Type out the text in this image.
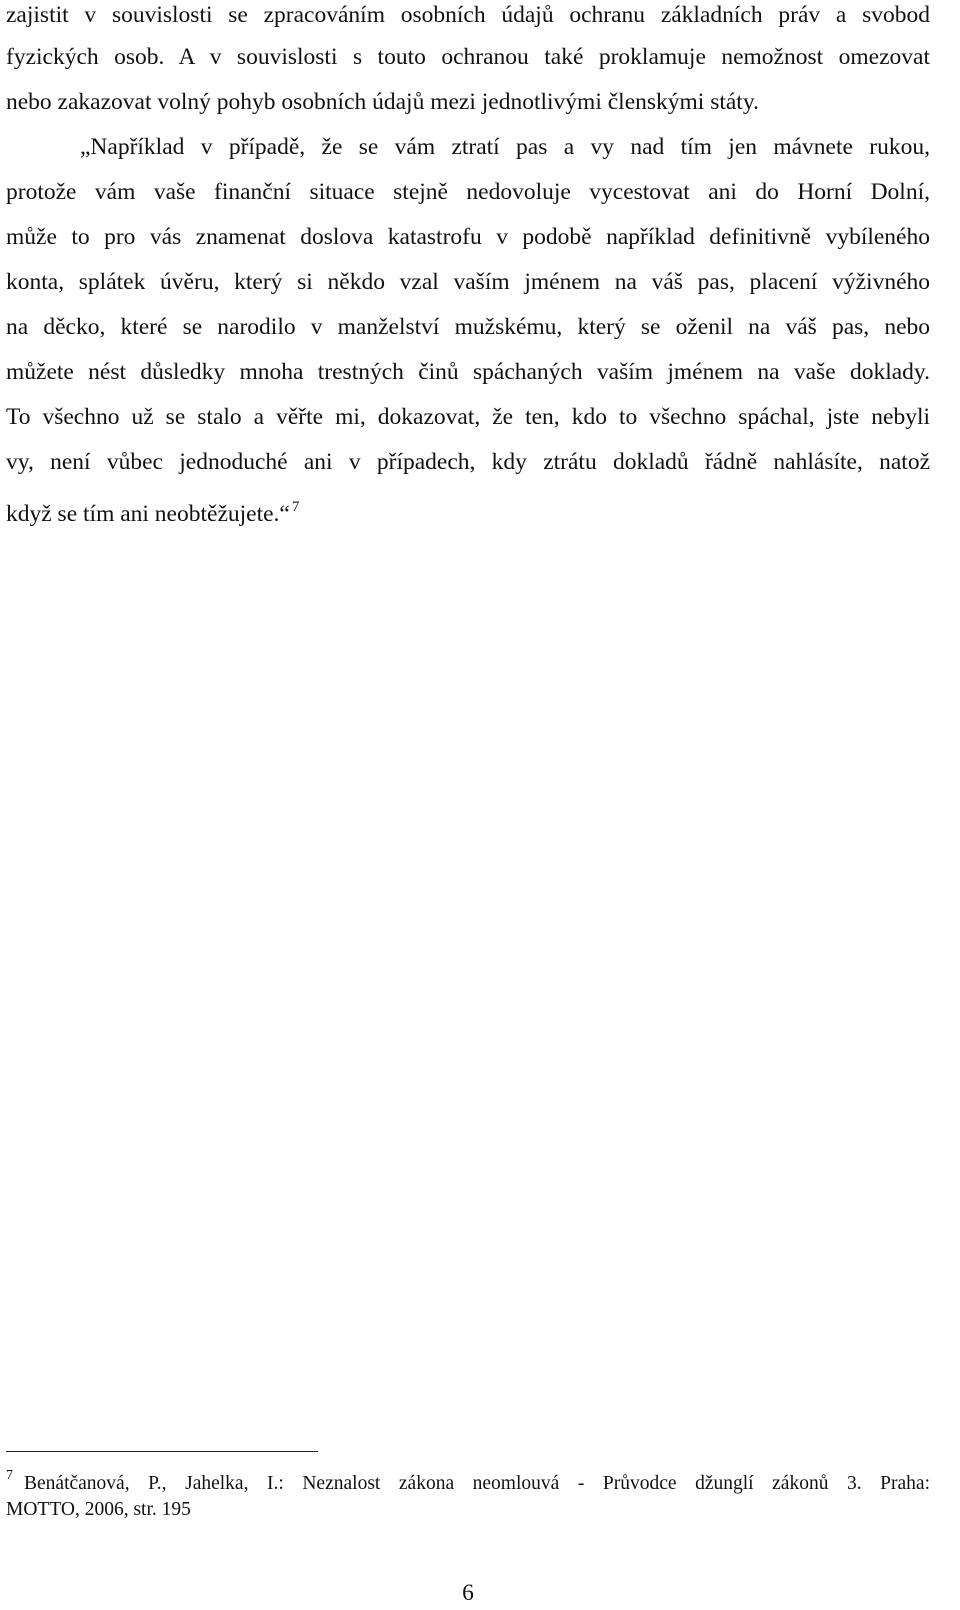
zajistit v souvislosti se zpracováním osobních údajů ochranu základních práv a svobod
fyzických osob. A v souvislosti s touto ochranou také proklamuje nemožnost omezovat
nebo zakazovat volný pohyb osobních údajů mezi jednotlivými členskými státy.
„Například v případě, že se vám ztratí pas a vy nad tím jen mávnete rukou,
protože vám vaše finanční situace stejně nedovoluje vycestovat ani do Horní Dolní,
může to pro vás znamenat doslova katastrofu v podobě například definitivně vybíleného
konta, splátek úvěru, který si někdo vzal vaším jménem na váš pas, placení výživného
na děcko, které se narodilo v manželství mužskému, který se oženil na váš pas, nebo
můžete nést důsledky mnoha trestných činů spáchaných vaším jménem na vaše doklady.
To všechno už se stalo a věřte mi, dokazovat, že ten, kdo to všechno spáchal, jste nebyli
vy, není vůbec jednoduché ani v případech, kdy ztrátu dokladů řádně nahlásíte, natož
když se tím ani neobtěžujete.“ $^7$
7 Benátčanová, P., Jahelka, I.: Neznalost zákona neomlouvá - Průvodce džunglí zákonů 3. Praha:
MOTTO, 2006, str. 195
6
